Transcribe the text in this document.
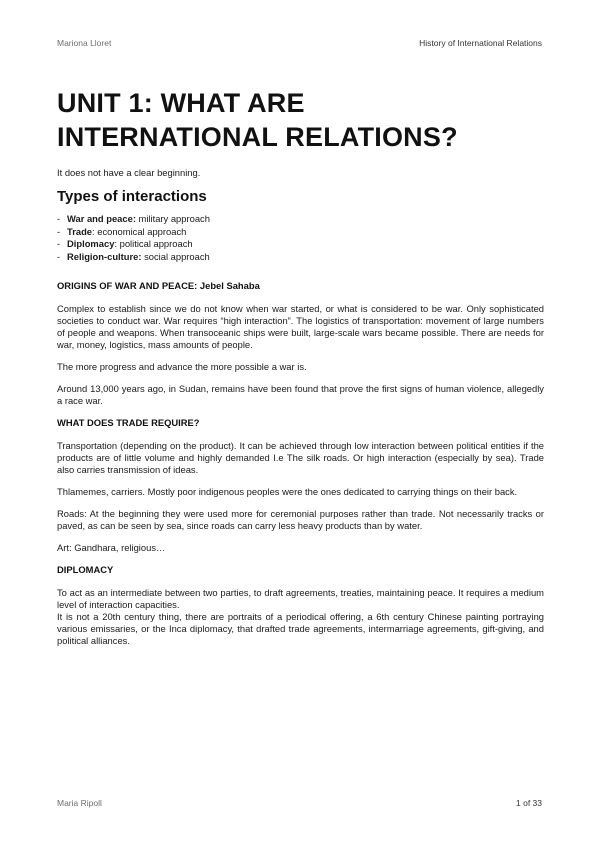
Mariona Lloret	History of International Relations
UNIT 1: WHAT ARE
INTERNATIONAL RELATIONS?

It does not have a clear beginning.

Types of interactions
- War and peace: military approach
- Trade: economical approach
- Diplomacy: political approach
- Religion-culture: social approach
ORIGINS OF WAR AND PEACE: Jebel Sahaba

Complex to establish since we do not know when war started, or what is considered to be war. Only sophisticated societies to conduct war. War requires “high interaction”. The logistics of transportation: movement of large numbers of people and weapons. When transoceanic ships were built, large-scale wars became possible. There are needs for war, money, logistics, mass amounts of people.

The more progress and advance the more possible a war is.

Around 13,000 years ago, in Sudan, remains have been found that prove the first signs of human violence, allegedly a race war.

WHAT DOES TRADE REQUIRE?

Transportation (depending on the product). It can be achieved through low interaction between political entities if the products are of little volume and highly demanded I.e The silk roads. Or high interaction (especially by sea). Trade also carries transmission of ideas.

Thlamemes, carriers. Mostly poor indigenous peoples were the ones dedicated to carrying things on their back.

Roads: At the beginning they were used more for ceremonial purposes rather than trade. Not necessarily tracks or paved, as can be seen by sea, since roads can carry less heavy products than by water.

Art: Gandhara, religious…

DIPLOMACY

To act as an intermediate between two parties, to draft agreements, treaties, maintaining peace. It requires a medium level of interaction capacities.

It is not a 20th century thing, there are portraits of a periodical offering, a 6th century Chinese painting portraying various emissaries, or the Inca diplomacy, that drafted trade agreements, intermarriage agreements, gift-giving, and political alliances.

Maria Ripoll	1 of 33
